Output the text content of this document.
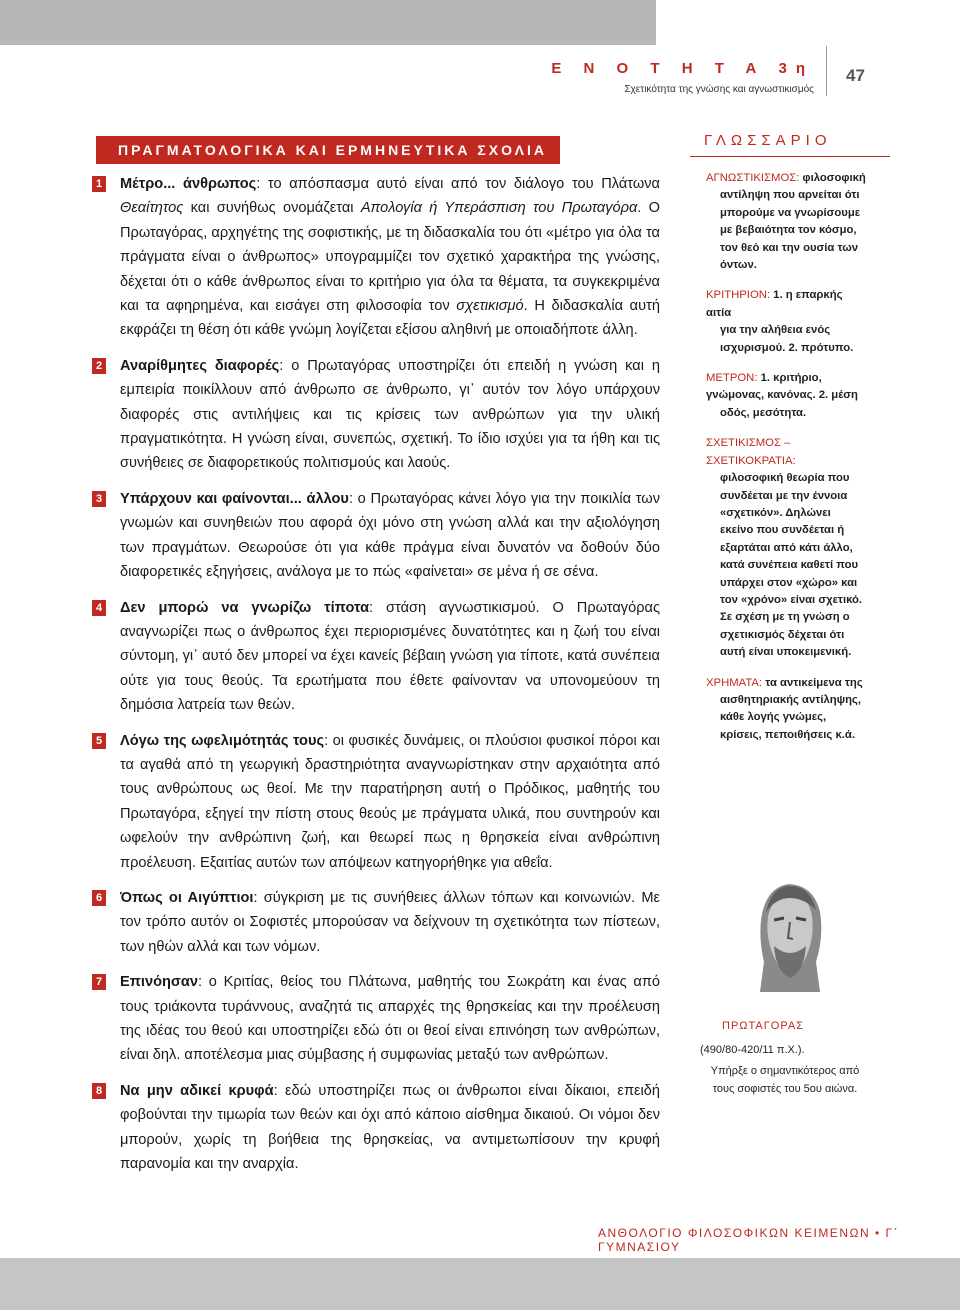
Ε Ν Ο Τ Η Τ Α 3η
Σχετικότητα της γνώσης και αγνωστικισμός
47
ΠΡΑΓΜΑΤΟΛΟΓΙΚΑ ΚΑΙ ΕΡΜΗΝΕΥΤΙΚΑ ΣΧΟΛΙΑ
1 Μέτρο... άνθρωπος: το απόσπασμα αυτό είναι από τον διάλογο του Πλάτωνα Θεαίτητος και συνήθως ονομάζεται Απολογία ή Υπεράσπιση του Πρωταγόρα. Ο Πρωταγόρας, αρχηγέτης της σοφιστικής, με τη διδασκαλία του ότι «μέτρο για όλα τα πράγματα είναι ο άνθρωπος» υπογραμμίζει τον σχετικό χαρακτήρα της γνώσης, δέχεται ότι ο κάθε άνθρωπος είναι το κριτήριο για όλα τα θέματα, τα συγκεκριμένα και τα αφηρημένα, και εισάγει στη φιλοσοφία τον σχετικισμό. Η διδασκαλία αυτή εκφράζει τη θέση ότι κάθε γνώμη λογίζεται εξίσου αληθινή με οποιαδήποτε άλλη.
2 Αναρίθμητες διαφορές: ο Πρωταγόρας υποστηρίζει ότι επειδή η γνώση και η εμπειρία ποικίλλουν από άνθρωπο σε άνθρωπο, γι᾽ αυτόν τον λόγο υπάρχουν διαφορές στις αντιλήψεις και τις κρίσεις των ανθρώπων για την υλική πραγματικότητα. Η γνώση είναι, συνεπώς, σχετική. Το ίδιο ισχύει για τα ήθη και τις συνήθειες σε διαφορετικούς πολιτισμούς και λαούς.
3 Υπάρχουν και φαίνονται... άλλου: ο Πρωταγόρας κάνει λόγο για την ποικιλία των γνωμών και συνηθειών που αφορά όχι μόνο στη γνώση αλλά και την αξιολόγηση των πραγμάτων. Θεωρούσε ότι για κάθε πράγμα είναι δυνατόν να δοθούν δύο διαφορετικές εξηγήσεις, ανάλογα με το πώς «φαίνεται» σε μένα ή σε σένα.
4 Δεν μπορώ να γνωρίζω τίποτα: στάση αγνωστικισμού. Ο Πρωταγόρας αναγνωρίζει πως ο άνθρωπος έχει περιορισμένες δυνατότητες και η ζωή του είναι σύντομη, γι᾽ αυτό δεν μπορεί να έχει κανείς βέβαιη γνώση για τίποτε, κατά συνέπεια ούτε για τους θεούς. Τα ερωτήματα που έθετε φαίνονταν να υπονομεύουν τη δημόσια λατρεία των θεών.
5 Λόγω της ωφελιμότητάς τους: οι φυσικές δυνάμεις, οι πλούσιοι φυσικοί πόροι και τα αγαθά από τη γεωργική δραστηριότητα αναγνωρίστηκαν στην αρχαιότητα από τους ανθρώπους ως θεοί. Με την παρατήρηση αυτή ο Πρόδικος, μαθητής του Πρωταγόρα, εξηγεί την πίστη στους θεούς με πράγματα υλικά, που συντηρούν και ωφελούν την ανθρώπινη ζωή, και θεωρεί πως η θρησκεία είναι ανθρώπινη προέλευση. Εξαιτίας αυτών των απόψεων κατηγορήθηκε για αθεΐα.
6 Όπως οι Αιγύπτιοι: σύγκριση με τις συνήθειες άλλων τόπων και κοινωνιών. Με τον τρόπο αυτόν οι Σοφιστές μπορούσαν να δείχνουν τη σχετικότητα των πίστεων, των ηθών αλλά και των νόμων.
7 Επινόησαν: ο Κριτίας, θείος του Πλάτωνα, μαθητής του Σωκράτη και ένας από τους τριάκοντα τυράννους, αναζητά τις απαρχές της θρησκείας και την προέλευση της ιδέας του θεού και υποστηρίζει εδώ ότι οι θεοί είναι επινόηση των ανθρώπων, είναι δηλ. αποτέλεσμα μιας σύμβασης ή συμφωνίας μεταξύ των ανθρώπων.
8 Να μην αδικεί κρυφά: εδώ υποστηρίζει πως οι άνθρωποι είναι δίκαιοι, επειδή φοβούνται την τιμωρία των θεών και όχι από κάποιο αίσθημα δικαιού. Οι νόμοι δεν μπορούν, χωρίς τη βοήθεια της θρησκείας, να αντιμετωπίσουν την κρυφή παρανομία και την αναρχία.
ΓΛΩΣΣΑΡΙΟ
ΑΓΝΩΣΤΙΚΙΣΜΟΣ: φιλοσοφική
αντίληψη που αρνείται ότι μπορούμε να γνωρίσουμε με βεβαιότητα τον κόσμο, τον θεό και την ουσία των όντων.
ΚΡΙΤΗΡΙΟΝ: 1. η επαρκής αιτία
για την αλήθεια ενός ισχυρισμού. 2. πρότυπο.
ΜΕΤΡΟΝ: 1. κριτήριο, γνώμονας, κανόνας. 2. μέση
οδός, μεσότητα.
ΣΧΕΤΙΚΙΣΜΟΣ – ΣΧΕΤΙΚΟΚΡΑΤΙΑ:
φιλοσοφική θεωρία που συνδέεται με την έννοια «σχετικόν». Δηλώνει εκείνο που συνδέεται ή εξαρτάται από κάτι άλλο, κατά συνέπεια καθετί που υπάρχει στον «χώρο» και τον «χρόνο» είναι σχετικό. Σε σχέση με τη γνώση ο σχετικισμός δέχεται ότι αυτή είναι υποκειμενική.
ΧΡΗΜΑΤΑ: τα αντικείμενα της
αισθητηριακής αντίληψης, κάθε λογής γνώμες, κρίσεις, πεποιθήσεις κ.ά.
ΠΡΩΤΑΓΟΡΑΣ
(490/80-420/11 π.Χ.).
Υπήρξε ο σημαντικότερος από τους σοφιστές του 5ου αιώνα.
ΑΝΘΟΛΟΓΙΟ ΦΙΛΟΣΟΦΙΚΩΝ ΚΕΙΜΕΝΩΝ • Γ΄ ΓΥΜΝΑΣΙΟΥ
